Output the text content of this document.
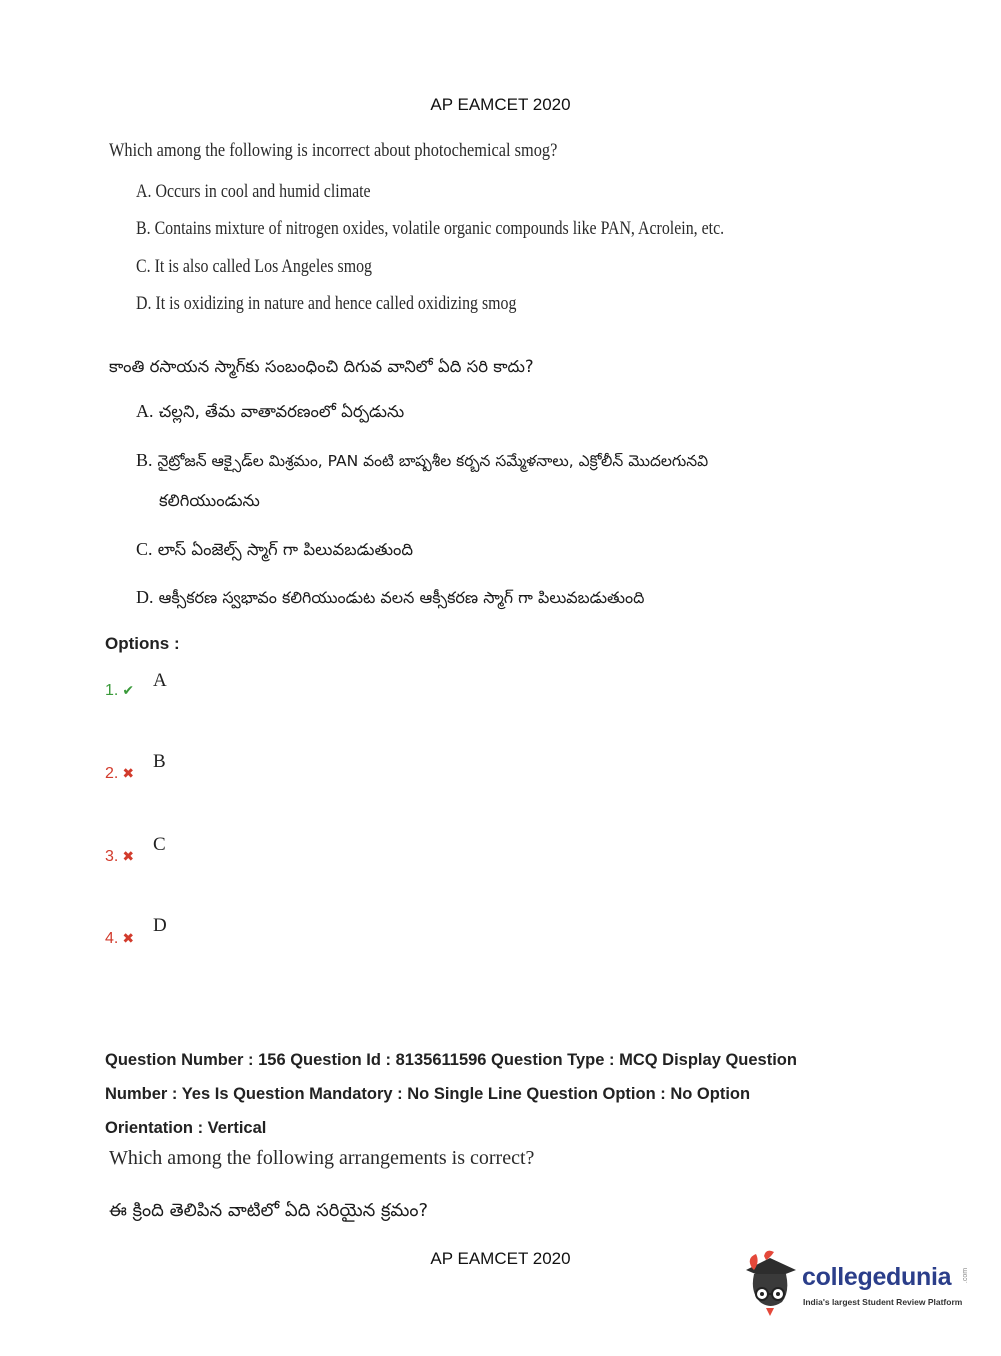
AP EAMCET 2020
Which among the following is incorrect about photochemical smog?
A. Occurs in cool and humid climate
B. Contains mixture of nitrogen oxides, volatile organic compounds like PAN, Acrolein, etc.
C. It is also called Los Angeles smog
D. It is oxidizing in nature and hence called oxidizing smog
కాంతి రసాయన స్మాగ్‌కు సంబంధించి దిగువ వానిలో ఏది సరి కాదు?
A. చల్లని, తేమ వాతావరణంలో ఏర్పడును
B. నైట్రోజన్ ఆక్సైడ్‌ల మిశ్రమం, PAN వంటి బాష్పశీల కర్బన సమ్మేళనాలు, ఎక్రోలీన్ మొదలగునవి
కలిగియుండును
C. లాస్ ఏంజెల్స్ స్మాగ్ గా పిలువబడుతుంది
D. ఆక్సీకరణ స్వభావం కలిగియుండుట వలన ఆక్సీకరణ స్మాగ్ గా పిలువబడుతుంది
Options :
1. ✔ A
2. ✖
B
3. ✖
C
4. ✖
D
Question Number : 156 Question Id : 8135611596 Question Type : MCQ Display Question
Number : Yes Is Question Mandatory : No Single Line Question Option : No Option
Orientation : Vertical
Which among the following arrangements is correct?
ఈ క్రింది తెలిపిన వాటిలో ఏది సరియైన క్రమం?
AP EAMCET 2020
collegedunia .com
India's largest Student Review Platform
